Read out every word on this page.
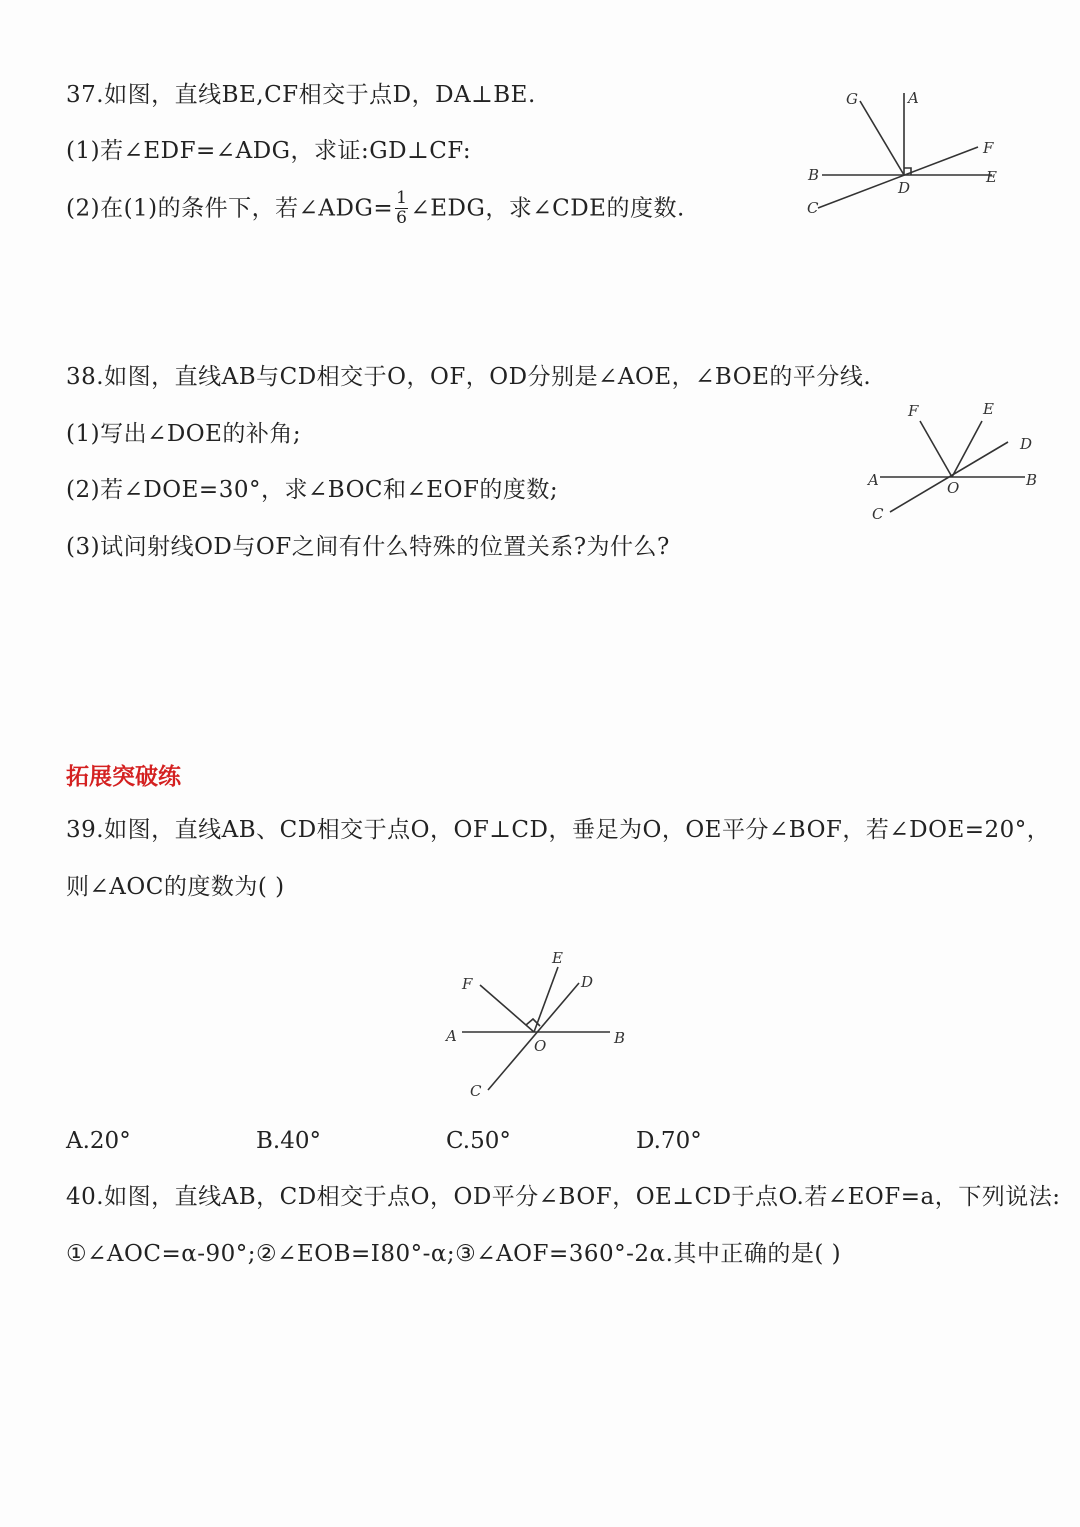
37.如图，直线BE,CF相交于点D，DA⊥BE.
(1)若∠EDF=∠ADG，求证:GD⊥CF:
(2)在(1)的条件下，若∠ADG= $\frac{1}{6}$ ∠EDG，求∠CDE的度数.
G	A
F
B
D
E
C
38.如图，直线AB与CD相交于O，OF，OD分别是∠AOE，∠BOE的平分线.
(1)写出∠DOE的补角;
(2)若∠DOE=30°，求∠BOC和∠EOF的度数;
(3)试问射线OD与OF之间有什么特殊的位置关系?为什么?
F	E
D
A	O	B
C
拓展突破练
39.如图，直线AB、CD相交于点O，OF⊥CD，垂足为O，OE平分∠BOF，若∠DOE=20°，
则∠AOC的度数为( )
E
F	D
A
O	B
C
A.20°	B.40°	C.50°	D.70°
40.如图，直线AB，CD相交于点O，OD平分∠BOF，OE⊥CD于点O.若∠EOF=a，下列说法:
①∠AOC=α-90°;②∠EOB=I80°-α;③∠AOF=360°-2α.其中正确的是( )
